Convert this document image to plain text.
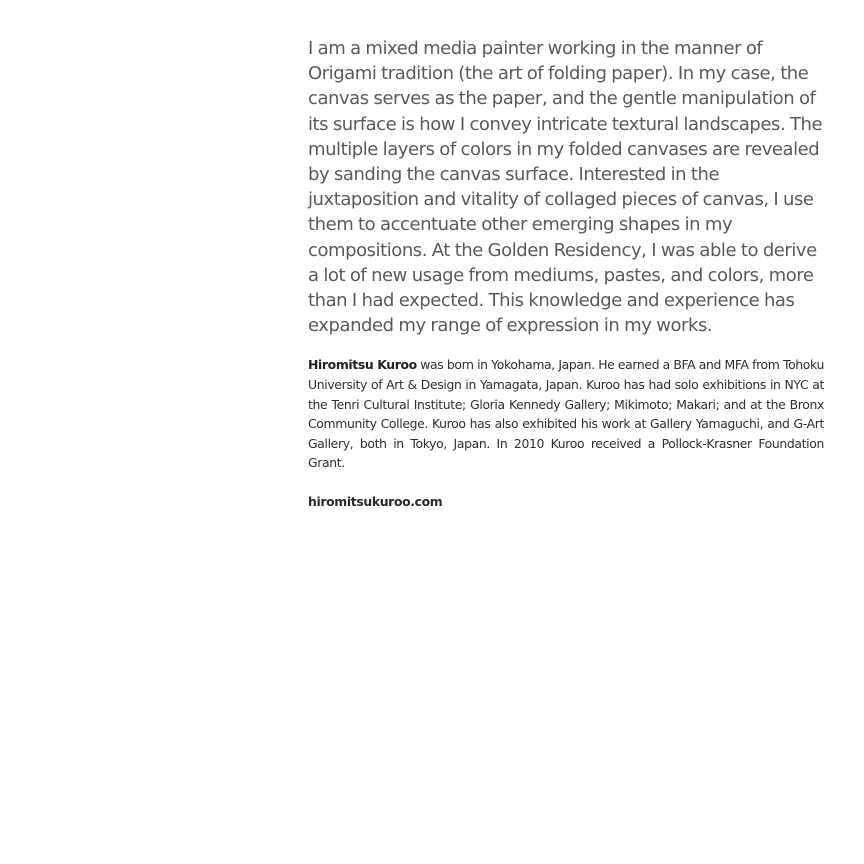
I am a mixed media painter working in the manner of Origami tradition (the art of folding paper). In my case, the canvas serves as the paper, and the gentle manipulation of its surface is how I convey intricate textural landscapes. The multiple layers of colors in my folded canvases are revealed by sanding the canvas surface. Interested in the juxtaposition and vitality of collaged pieces of canvas, I use them to accentuate other emerging shapes in my compositions. At the Golden Residency, I was able to derive a lot of new usage from mediums, pastes, and colors, more than I had expected. This knowledge and experience has expanded my range of expression in my works.

Hiromitsu Kuroo was born in Yokohama, Japan. He earned a BFA and MFA from Tohoku University of Art & Design in Yamagata, Japan. Kuroo has had solo exhibitions in NYC at the Tenri Cultural Institute; Gloria Kennedy Gallery; Mikimoto; Makari; and at the Bronx Community College. Kuroo has also exhibited his work at Gallery Yamaguchi, and G-Art Gallery, both in Tokyo, Japan. In 2010 Kuroo received a Pollock-Krasner Foundation Grant.

hiromitsukuroo.com
